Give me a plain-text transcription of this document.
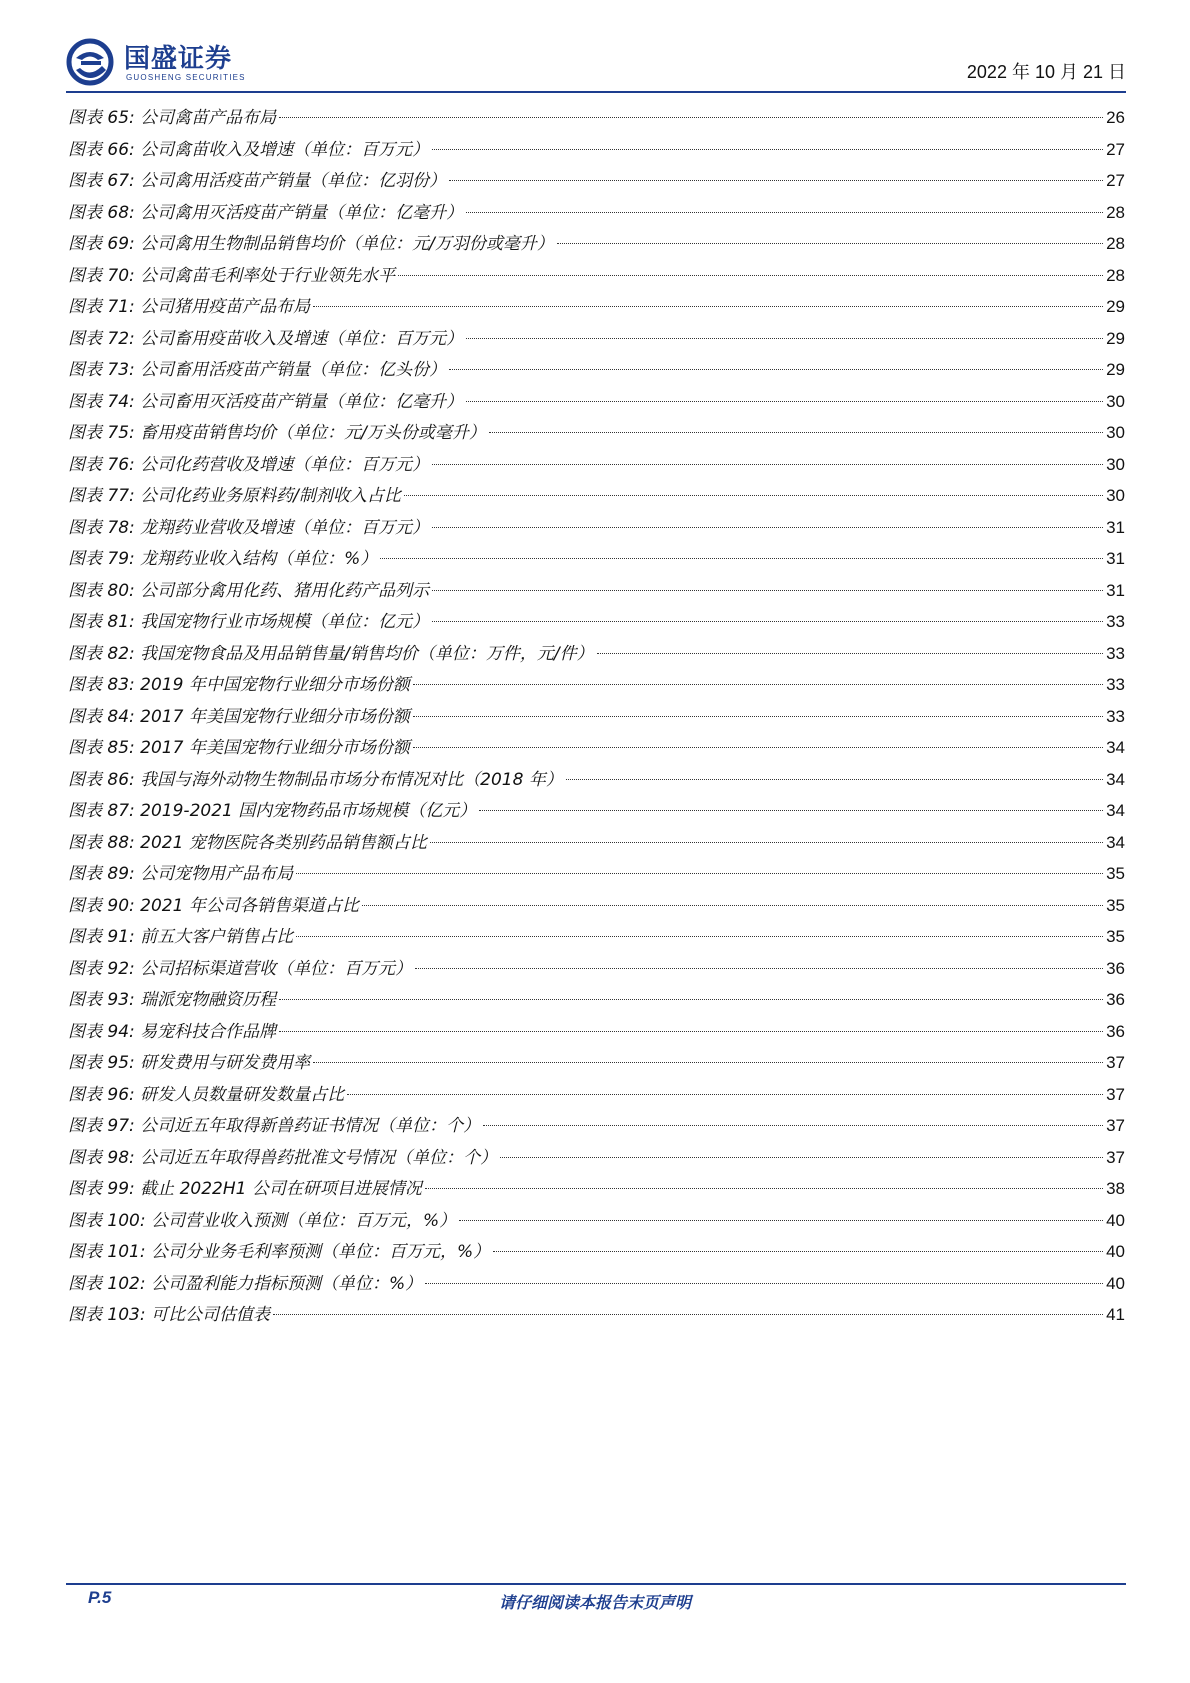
国盛证券
GUOSHENG SECURITIES	2022 年 10 月 21 日
图表 65: 公司禽苗产品布局	26
图表 66: 公司禽苗收入及增速（单位：百万元）	27
图表 67: 公司禽用活疫苗产销量（单位：亿羽份）	27
图表 68: 公司禽用灭活疫苗产销量（单位：亿毫升）	28
图表 69: 公司禽用生物制品销售均价（单位：元/万羽份或毫升）	28
图表 70: 公司禽苗毛利率处于行业领先水平	28
图表 71: 公司猪用疫苗产品布局	29
图表 72: 公司畜用疫苗收入及增速（单位：百万元）	29
图表 73: 公司畜用活疫苗产销量（单位：亿头份）	29
图表 74: 公司畜用灭活疫苗产销量（单位：亿毫升）	30
图表 75: 畜用疫苗销售均价（单位：元/万头份或毫升）	30
图表 76: 公司化药营收及增速（单位：百万元）	30
图表 77: 公司化药业务原料药/制剂收入占比	30
图表 78: 龙翔药业营收及增速（单位：百万元）	31
图表 79: 龙翔药业收入结构（单位：%）	31
图表 80: 公司部分禽用化药、猪用化药产品列示	31
图表 81: 我国宠物行业市场规模（单位：亿元）	33
图表 82: 我国宠物食品及用品销售量/销售均价（单位：万件，元/件）	33
图表 83: 2019 年中国宠物行业细分市场份额	33
图表 84: 2017 年美国宠物行业细分市场份额	33
图表 85: 2017 年美国宠物行业细分市场份额	34
图表 86: 我国与海外动物生物制品市场分布情况对比（2018 年）	34
图表 87: 2019-2021 国内宠物药品市场规模（亿元）	34
图表 88: 2021 宠物医院各类别药品销售额占比	34
图表 89: 公司宠物用产品布局	35
图表 90: 2021 年公司各销售渠道占比	35
图表 91: 前五大客户销售占比	35
图表 92: 公司招标渠道营收（单位：百万元）	36
图表 93: 瑞派宠物融资历程	36
图表 94: 易宠科技合作品牌	36
图表 95: 研发费用与研发费用率	37
图表 96: 研发人员数量研发数量占比	37
图表 97: 公司近五年取得新兽药证书情况（单位：个）	37
图表 98: 公司近五年取得兽药批准文号情况（单位：个）	37
图表 99: 截止 2022H1 公司在研项目进展情况	38
图表 100: 公司营业收入预测（单位：百万元，%）	40
图表 101: 公司分业务毛利率预测（单位：百万元，%）	40
图表 102: 公司盈利能力指标预测（单位：%）	40
图表 103: 可比公司估值表	41
P.5	请仔细阅读本报告末页声明
